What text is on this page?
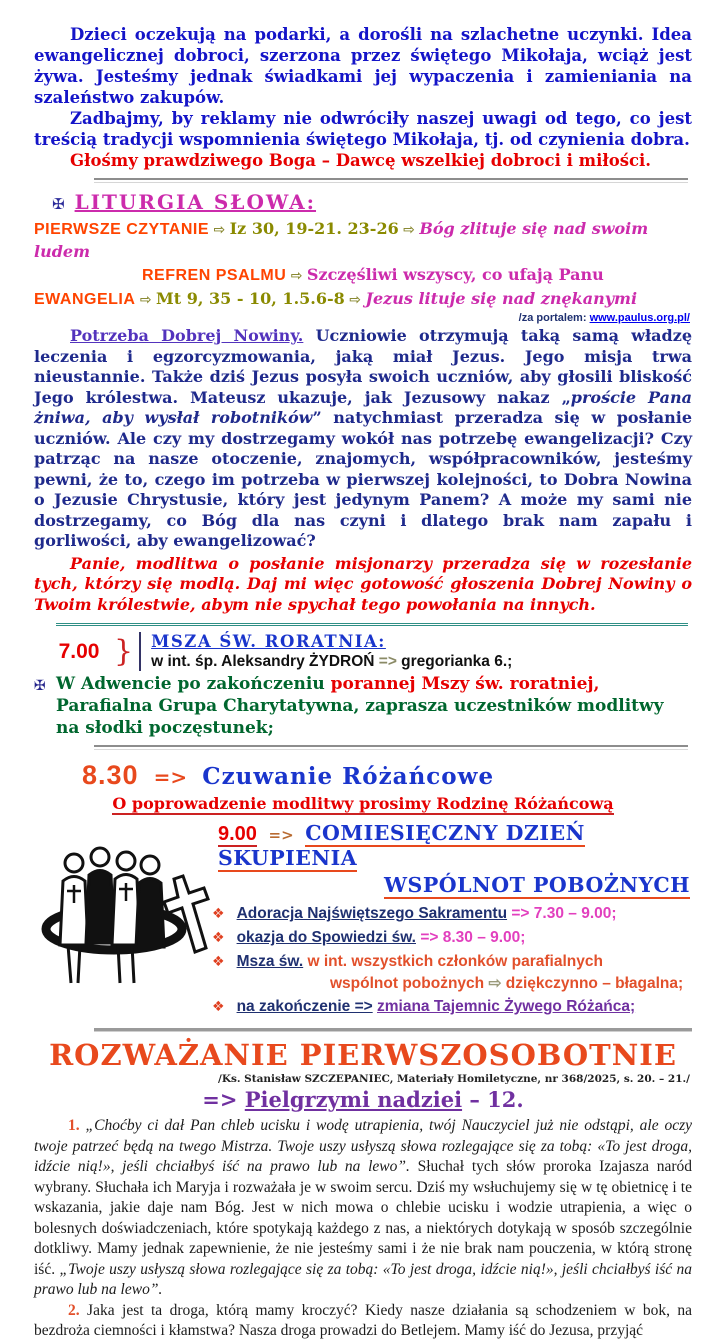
Dzieci oczekują na podarki, a dorośli na szlachetne uczynki. Idea ewangelicznej dobroci, szerzona przez świętego Mikołaja, wciąż jest żywa. Jesteśmy jednak świadkami jej wypaczenia i zamieniania na szaleństwo zakupów.

Zadbajmy, by reklamy nie odwróciły naszej uwagi od tego, co jest treścią tradycji wspomnienia świętego Mikołaja, tj. od czynienia dobra.

Głośmy prawdziwego Boga – Dawcę wszelkiej dobroci i miłości.

✠ LITURGIA SŁOWA:
PIERWSZE CZYTANIE ⇨ Iz 30, 19-21. 23-26 ⇨ Bóg zlituje się nad swoim ludem
REFREN PSALMU ⇨ Szczęśliwi wszyscy, co ufają Panu
EWANGELIA ⇨ Mt 9, 35 - 10, 1.5.6-8 ⇨ Jezus lituje się nad znękanymi
/za portalem: www.paulus.org.pl/

Potrzeba Dobrej Nowiny. Uczniowie otrzymują taką samą władzę leczenia i egzorcyzmowania, jaką miał Jezus. Jego misja trwa nieustannie. Także dziś Jezus posyła swoich uczniów, aby głosili bliskość Jego królestwa. Mateusz ukazuje, jak Jezusowy nakaz „proście Pana żniwa, aby wysłał robotników” natychmiast przeradza się w posłanie uczniów. Ale czy my dostrzegamy wokół nas potrzebę ewangelizacji? Czy patrząc na nasze otoczenie, znajomych, współpracowników, jesteśmy pewni, że to, czego im potrzeba w pierwszej kolejności, to Dobra Nowina o Jezusie Chrystusie, który jest jedynym Panem? A może my sami nie dostrzegamy, co Bóg dla nas czyni i dlatego brak nam zapału i gorliwości, aby ewangelizować?

Panie, modlitwa o posłanie misjonarzy przeradza się w rozesłanie tych, którzy się modlą. Daj mi więc gotowość głoszenia Dobrej Nowiny o Twoim królestwie, abym nie spychał tego powołania na innych.

7.00 } MSZA ŚW. RORATNIA:
w int. śp. Aleksandry ŻYDROŃ => gregorianka 6.;
✠ W Adwencie po zakończeniu porannej Mszy św. roratniej, Parafialna Grupa Charytatywna, zaprasza uczestników modlitwy na słodki poczęstunek;
8.30 => Czuwanie Różańcowe
O poprowadzenie modlitwy prosimy Rodzinę Różańcową
9.00 => COMIESIĘCZNY DZIEŃ SKUPIENIA
WSPÓLNOT POBOŻNYCH
❖ Adoracja Najświętszego Sakramentu => 7.30 – 9.00;
❖ okazja do Spowiedzi św. => 8.30 – 9.00;
❖ Msza św. w int. wszystkich członków parafialnych
wspólnot pobożnych ⇨ dziękczynno – błagalna;
❖ na zakończenie => zmiana Tajemnic Żywego Różańca;
ROZWAŻANIE PIERWSZOSOBOTNIE
/Ks. Stanisław SZCZEPANIEC, Materiały Homiletyczne, nr 368/2025, s. 20. – 21./
=> Pielgrzymi nadziei – 12.

1. „Choćby ci dał Pan chleb ucisku i wodę utrapienia, twój Nauczyciel już nie odstąpi, ale oczy twoje patrzeć będą na twego Mistrza. Twoje uszy usłyszą słowa rozlegające się za tobą: «To jest droga, idźcie nią!», jeśli chciałbyś iść na prawo lub na lewo”. Słuchał tych słów proroka Izajasza naród wybrany. Słuchała ich Maryja i rozważała je w swoim sercu. Dziś my wsłuchujemy się w tę obietnicę i te wskazania, jakie daje nam Bóg. Jest w nich mowa o chlebie ucisku i wodzie utrapienia, a więc o bolesnych doświadczeniach, które spotykają każdego z nas, a niektórych dotykają w sposób szczególnie dotkliwy. Mamy jednak zapewnienie, że nie jesteśmy sami i że nie brak nam pouczenia, w którą stronę iść. „Twoje uszy usłyszą słowa rozlegające się za tobą: «To jest droga, idźcie nią!», jeśli chciałbyś iść na prawo lub na lewo”.

2. Jaka jest ta droga, którą mamy kroczyć? Kiedy nasze działania są schodzeniem w bok, na bezdroża ciemności i kłamstwa? Nasza droga prowadzi do Betlejem. Mamy iść do Jezusa, przyjąć
